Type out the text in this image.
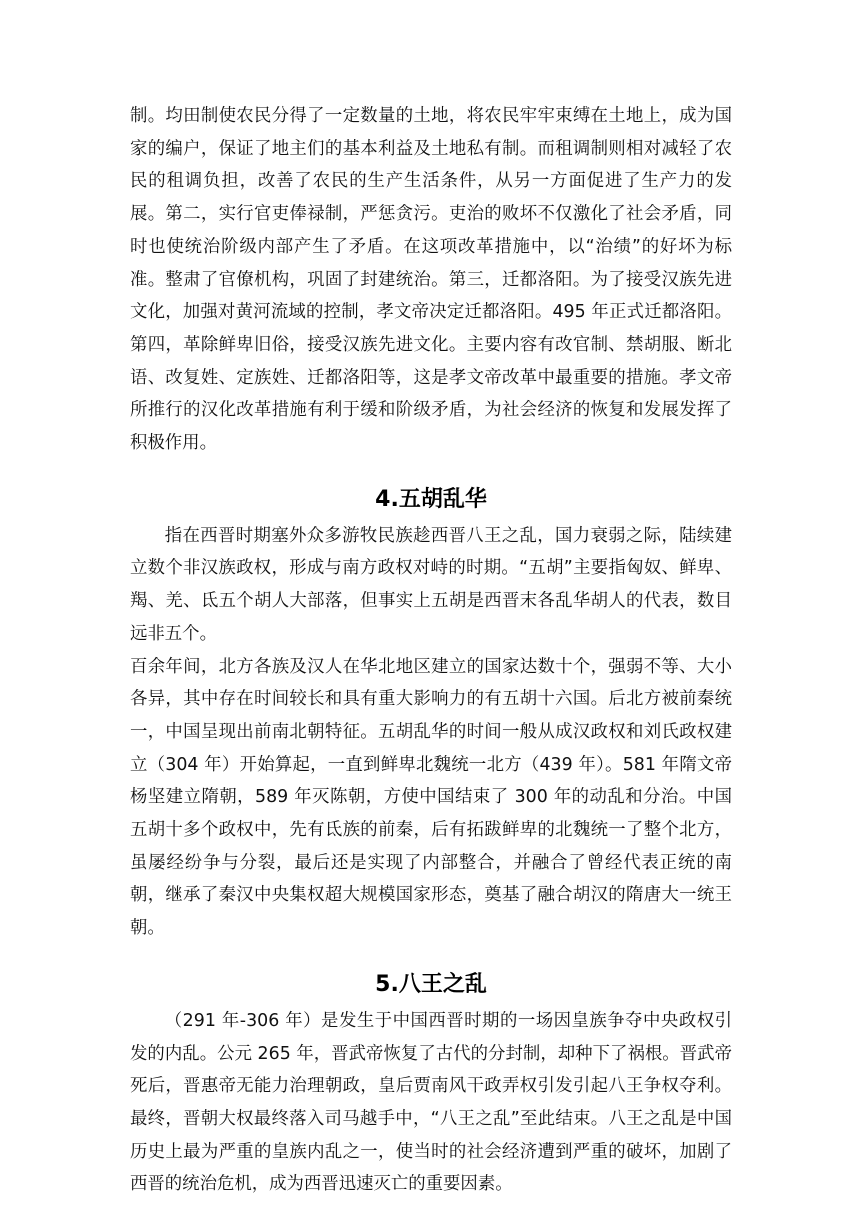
制。均田制使农民分得了一定数量的土地，将农民牢牢束缚在土地上，成为国家的编户，保证了地主们的基本利益及土地私有制。而租调制则相对减轻了农民的租调负担，改善了农民的生产生活条件，从另一方面促进了生产力的发展。第二，实行官吏俸禄制，严惩贪污。吏治的败坏不仅激化了社会矛盾，同时也使统治阶级内部产生了矛盾。在这项改革措施中，以“治绩”的好坏为标准。整肃了官僚机构，巩固了封建统治。第三，迁都洛阳。为了接受汉族先进文化，加强对黄河流域的控制，孝文帝决定迁都洛阳。495 年正式迁都洛阳。第四，革除鲜卑旧俗，接受汉族先进文化。主要内容有改官制、禁胡服、断北语、改复姓、定族姓、迁都洛阳等，这是孝文帝改革中最重要的措施。孝文帝所推行的汉化改革措施有利于缓和阶级矛盾，为社会经济的恢复和发展发挥了积极作用。

4.五胡乱华

指在西晋时期塞外众多游牧民族趁西晋八王之乱，国力衰弱之际，陆续建立数个非汉族政权，形成与南方政权对峙的时期。“五胡”主要指匈奴、鲜卑、羯、羌、氐五个胡人大部落，但事实上五胡是西晋末各乱华胡人的代表，数目远非五个。

百余年间，北方各族及汉人在华北地区建立的国家达数十个，强弱不等、大小各异，其中存在时间较长和具有重大影响力的有五胡十六国。后北方被前秦统一，中国呈现出前南北朝特征。五胡乱华的时间一般从成汉政权和刘氏政权建立（304 年）开始算起，一直到鲜卑北魏统一北方（439 年）。581 年隋文帝杨坚建立隋朝，589 年灭陈朝，方使中国结束了 300 年的动乱和分治。中国五胡十多个政权中，先有氐族的前秦，后有拓跋鲜卑的北魏统一了整个北方，虽屡经纷争与分裂，最后还是实现了内部整合，并融合了曾经代表正统的南朝，继承了秦汉中央集权超大规模国家形态，奠基了融合胡汉的隋唐大一统王朝。

5.八王之乱

（291 年-306 年）是发生于中国西晋时期的一场因皇族争夺中央政权引发的内乱。公元 265 年，晋武帝恢复了古代的分封制，却种下了祸根。晋武帝死后，晋惠帝无能力治理朝政，皇后贾南风干政弄权引发引起八王争权夺利。最终，晋朝大权最终落入司马越手中，“八王之乱”至此结束。八王之乱是中国历史上最为严重的皇族内乱之一，使当时的社会经济遭到严重的破坏，加剧了西晋的统治危机，成为西晋迅速灭亡的重要因素。
